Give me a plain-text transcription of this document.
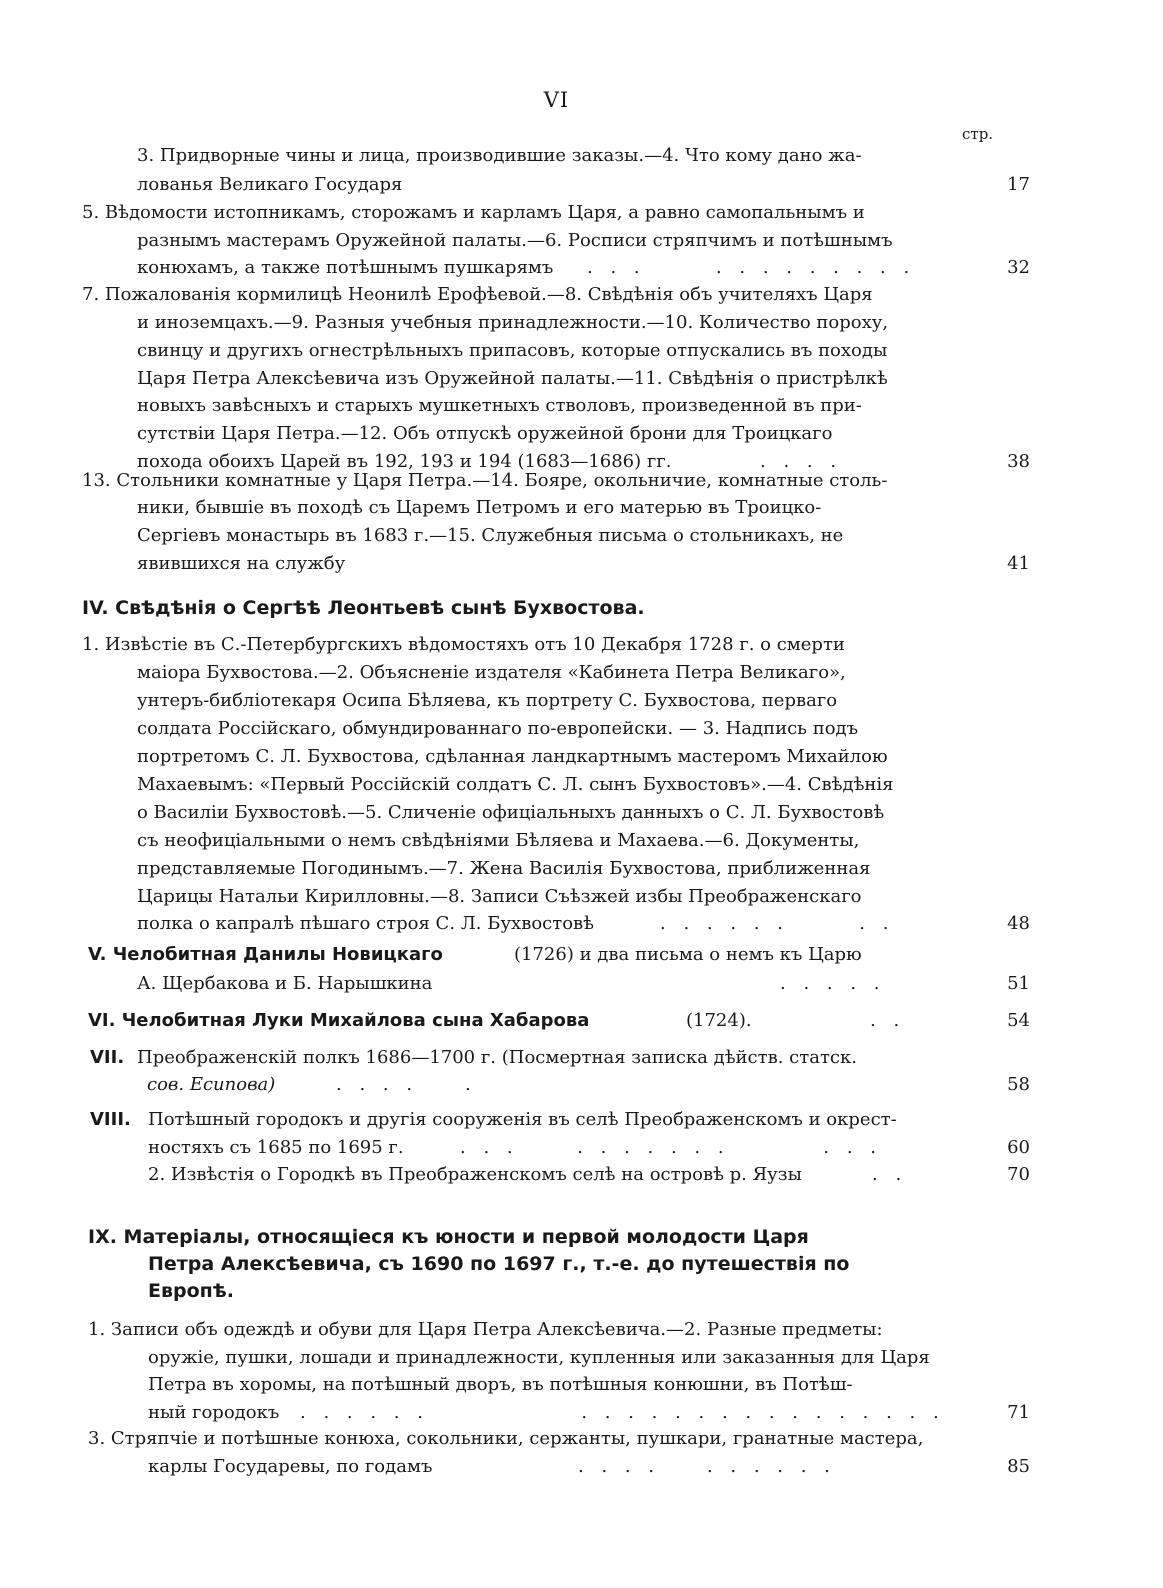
VI
стр.
3. Придворные чины и лица, производившие заказы.—4. Что кому дано жа-
лованья Великаго Государя	17
5. Вѣдомости истопникамъ, сторожамъ и карламъ Царя, а равно самопальнымъ и
разнымъ мастерамъ Оружейной палаты.—6. Росписи стряпчимъ и потѣшнымъ
конюхамъ, а также потѣшнымъ пушкарямъ . . .      . . . . . . . . .	32
7. Пожалованія кормилицѣ Неонилѣ Ерофѣевой.—8. Свѣдѣнія объ учителяхъ Царя
и иноземцахъ.—9. Разныя учебныя принадлежности.—10. Количество пороху,
свинцу и другихъ огнестрѣльныхъ припасовъ, которые отпускались въ походы
Царя Петра Алексѣевича изъ Оружейной палаты.—11. Свѣдѣнія о пристрѣлкѣ
новыхъ завѣсныхъ и старыхъ мушкетныхъ стволовъ, произведенной въ при-
сутствіи Царя Петра.—12. Объ отпускѣ оружейной брони для Троицкаго
похода обоихъ Царей въ 192, 193 и 194 (1683—1686) гг.	. . . .	38
13. Стольники комнатные у Царя Петра.—14. Бояре, окольничие, комнатные столь-
ники, бывшіе въ походѣ съ Царемъ Петромъ и его матерью въ Троицко-
Сергіевъ монастырь въ 1683 г.—15. Служебныя письма о стольникахъ, не
явившихся на службу	41
IV. Свѣдѣнія о Сергѣѣ Леонтьевѣ сынѣ Бухвостова.
1. Извѣстіе въ С.-Петербургскихъ вѣдомостяхъ отъ 10 Декабря 1728 г. о смерти
маіора Бухвостова.—2. Объясненіе издателя «Кабинета Петра Великаго»,
унтеръ-библіотекаря Осипа Бѣляева, къ портрету С. Бухвостова, перваго
солдата Россійскаго, обмундированнаго по-европейски. — 3. Надпись подъ
портретомъ С. Л. Бухвостова, сдѣланная ландкартнымъ мастеромъ Михайлою
Махаевымъ: «Первый Россійскій солдатъ С. Л. сынъ Бухвостовъ».—4. Свѣдѣнія
о Василіи Бухвостовѣ.—5. Сличеніе офиціальныхъ данныхъ о С. Л. Бухвостовѣ
съ неофиціальными о немъ свѣдѣніями Бѣляева и Махаева.—6. Документы,
представляемые Погодинымъ.—7. Жена Василія Бухвостова, приближенная
Царицы Натальи Кирилловны.—8. Записи Съѣзжей избы Преображенскаго
полка о капралѣ пѣшаго строя С. Л. Бухвостовѣ	. . . . . .      . .	48
V. Челобитная Данилы Новицкаго	(1726) и два письма о немъ къ Царю
А. Щербакова и Б. Нарышкина	. . . . .	51
VI. Челобитная Луки Михайлова сына Хабарова	(1724).	. .	54
VII. Преображенскій полкъ 1686—1700 г. (Посмертная записка дѣйств. статск.
сов. Есипова)	. . . .    .	58
VIII. Потѣшный городокъ и другія сооруженія въ селѣ Преображенскомъ и окрест-
ностяхъ съ 1685 по 1695 г.	. . .     . . . . . . .        . . .	60
2. Извѣстія о Городкѣ въ Преображенскомъ селѣ на островѣ р. Яузы	. .	70
IX. Матеріалы, относящіеся къ юности и первой молодости Царя
Петра Алексѣевича, съ 1690 по 1697 г., т.-е. до путешествія по
Европѣ.
1. Записи объ одеждѣ и обуви для Царя Петра Алексѣевича.—2. Разные предметы:
оружіе, пушки, лошади и принадлежности, купленныя или заказанныя для Царя
Петра въ хоромы, на потѣшный дворъ, въ потѣшныя конюшни, въ Потѣш-
ный городокъ . . . . . .             . . . . . . . . . . . . . . . .	71
3. Стряпчіе и потѣшные конюха, сокольники, сержанты, пушкари, гранатные мастера,
карлы Государевы, по годамъ	. . . .    . . . . . .	85
